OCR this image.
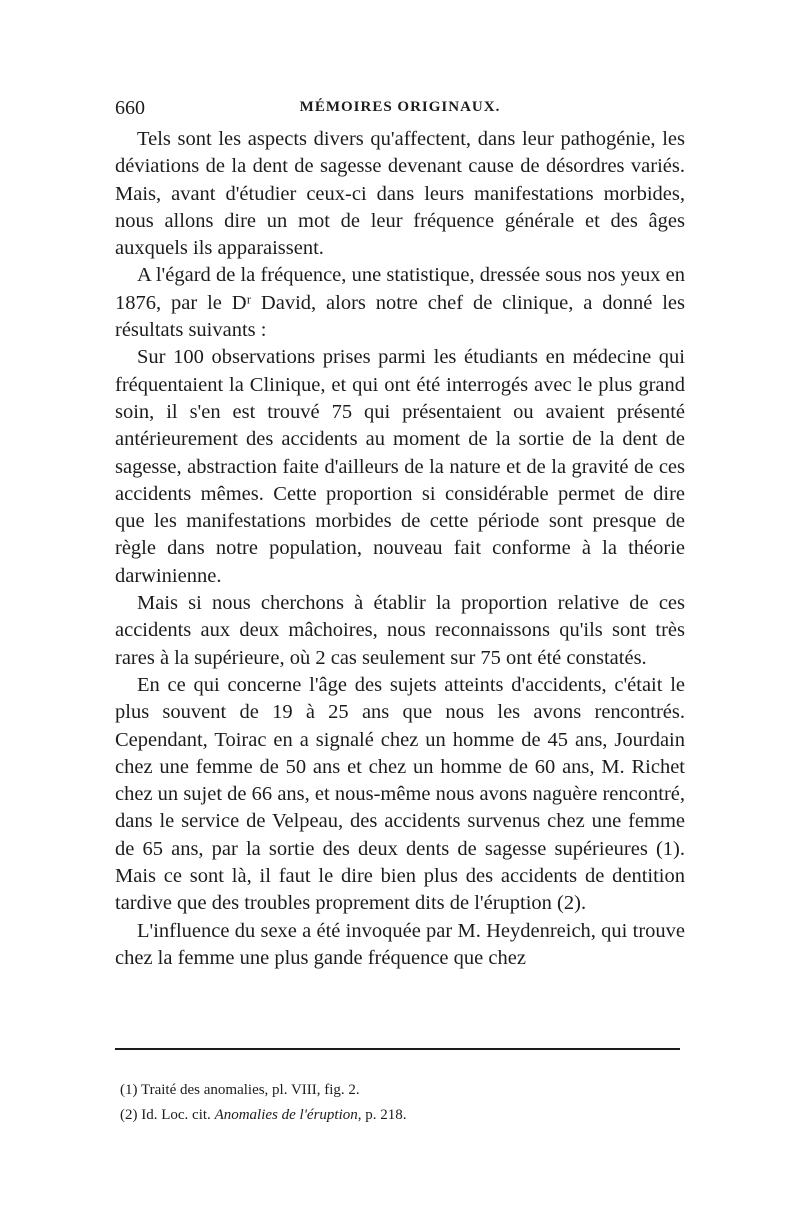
660	MÉMOIRES ORIGINAUX.

Tels sont les aspects divers qu'affectent, dans leur pathogénie, les déviations de la dent de sagesse devenant cause de désordres variés. Mais, avant d'étudier ceux-ci dans leurs manifestations morbides, nous allons dire un mot de leur fréquence générale et des âges auxquels ils apparaissent.

A l'égard de la fréquence, une statistique, dressée sous nos yeux en 1876, par le Dʳ David, alors notre chef de clinique, a donné les résultats suivants :

Sur 100 observations prises parmi les étudiants en médecine qui fréquentaient la Clinique, et qui ont été interrogés avec le plus grand soin, il s'en est trouvé 75 qui présentaient ou avaient présenté antérieurement des accidents au moment de la sortie de la dent de sagesse, abstraction faite d'ailleurs de la nature et de la gravité de ces accidents mêmes. Cette proportion si considérable permet de dire que les manifestations morbides de cette période sont presque de règle dans notre population, nouveau fait conforme à la théorie darwinienne.

Mais si nous cherchons à établir la proportion relative de ces accidents aux deux mâchoires, nous reconnaissons qu'ils sont très rares à la supérieure, où 2 cas seulement sur 75 ont été constatés.

En ce qui concerne l'âge des sujets atteints d'accidents, c'était le plus souvent de 19 à 25 ans que nous les avons rencontrés. Cependant, Toirac en a signalé chez un homme de 45 ans, Jourdain chez une femme de 50 ans et chez un homme de 60 ans, M. Richet chez un sujet de 66 ans, et nous-même nous avons naguère rencontré, dans le service de Velpeau, des accidents survenus chez une femme de 65 ans, par la sortie des deux dents de sagesse supérieures (1). Mais ce sont là, il faut le dire bien plus des accidents de dentition tardive que des troubles proprement dits de l'éruption (2).

L'influence du sexe a été invoquée par M. Heydenreich, qui trouve chez la femme une plus gande fréquence que chez

(1) Traité des anomalies, pl. VIII, fig. 2.
(2) Id. Loc. cit. Anomalies de l'éruption, p. 218.
